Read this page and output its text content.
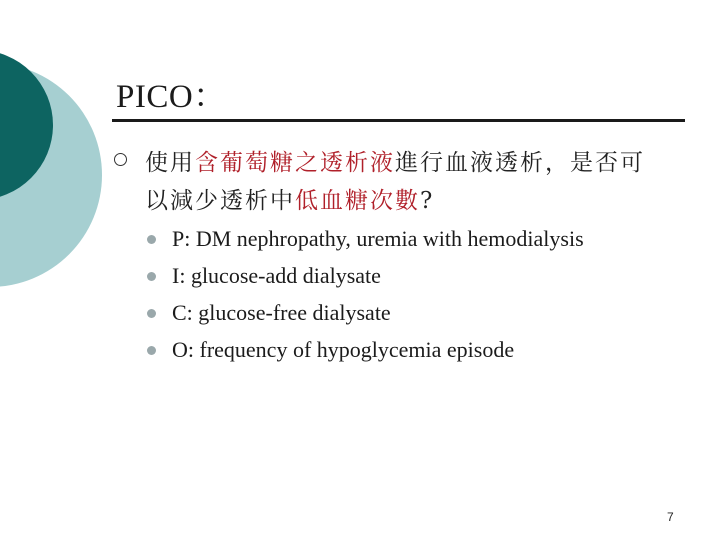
PICO：

使用含葡萄糖之透析液進行血液透析，是否可以減少透析中低血糖次數?

P: DM nephropathy, uremia with hemodialysis
I: glucose-add dialysate
C: glucose-free dialysate
O: frequency of hypoglycemia episode
7
